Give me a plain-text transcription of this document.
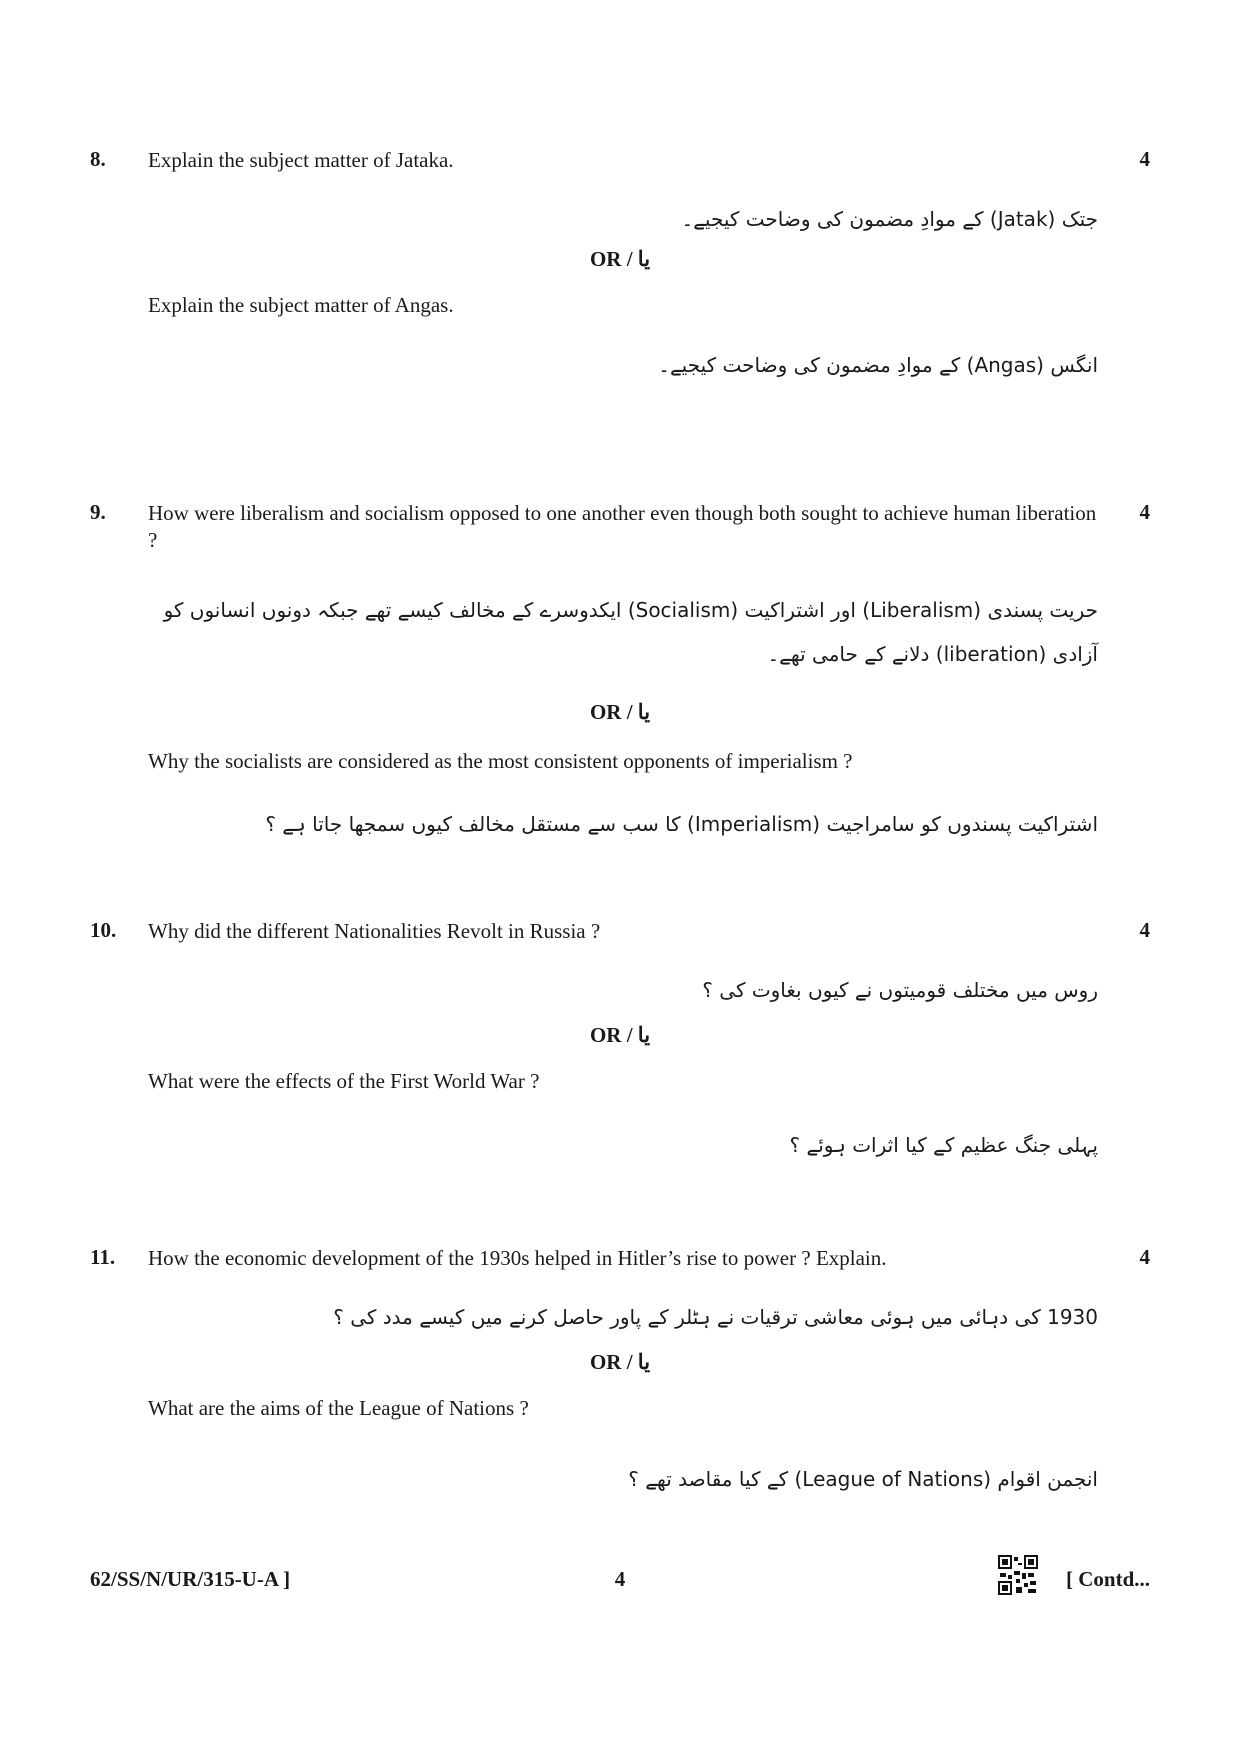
8. Explain the subject matter of Jataka.	4
جتک (Jatak) کے موادِ مضمون کی وضاحت کیجیے۔
OR / یا
Explain the subject matter of Angas.
انگس (Angas) کے موادِ مضمون کی وضاحت کیجیے۔
9. How were liberalism and socialism opposed to one another even though both sought to achieve human liberation ?
4
حریت پسندی (Liberalism) اور اشتراکیت (Socialism) ایکدوسرے کے مخالف کیسے تھے جبکہ دونوں انسانوں کو آزادی (liberation) دلانے کے حامی تھے۔
OR / یا
Why the socialists are considered as the most consistent opponents of imperialism ?
اشتراکیت پسندوں کو سامراجیت (Imperialism) کا سب سے مستقل مخالف کیوں سمجھا جاتا ہے ؟
10. Why did the different Nationalities Revolt in Russia ?	4
روس میں مختلف قومیتوں نے کیوں بغاوت کی ؟
OR / یا
What were the effects of the First World War ?
پہلی جنگ عظیم کے کیا اثرات ہوئے ؟
11. How the economic development of the 1930s helped in Hitler’s rise to power ? Explain.	4
1930 کی دہائی میں ہوئی معاشی ترقیات نے ہٹلر کے پاور حاصل کرنے میں کیسے مدد کی ؟
OR / یا
What are the aims of the League of Nations ?
انجمن اقوام (League of Nations) کے کیا مقاصد تھے ؟
62/SS/N/UR/315-U-A ]	4	[ Contd...
